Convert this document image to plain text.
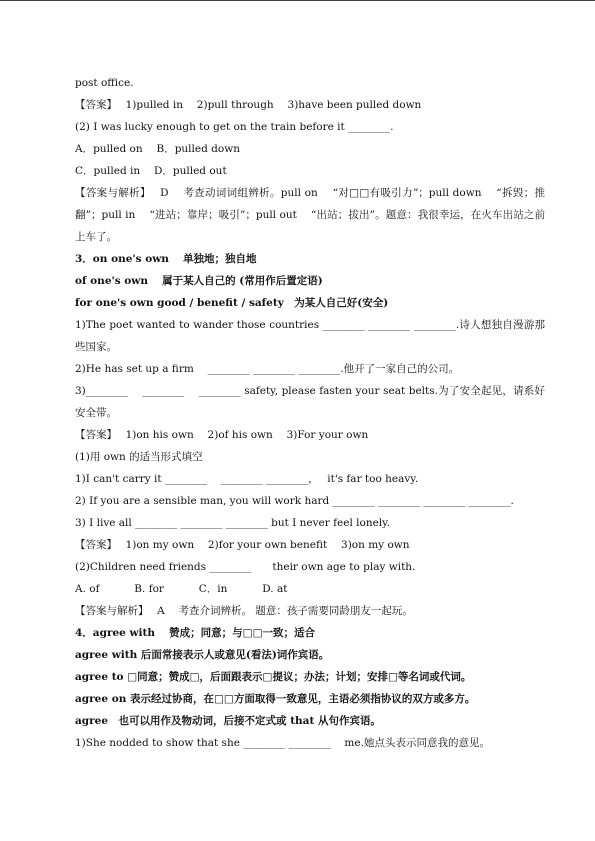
post office.
【答案】　 1)pulled in　 2)pull through　 3)have been pulled down
(2) I was lucky enough to get on the train before it ________.
A．pulled on　 B．pulled down
C．pulled in　 D．pulled out
【答案与解析】　 D　 考查动词词组辨析。pull on　 “对□□有吸引力”；pull down　 “拆毁；推翻”；pull in　 “进站；靠岸；吸引”；pull out　 “出站；拔出”。题意：我很幸运，在火车出站之前上车了。
3．on one's own　 单独地；独自地
of one's own　 属于某人自己的 (常用作后置定语)
for one's own good / benefit / safety　为某人自己好(安全)
1)The poet wanted to wander those countries ________ ________ ________.诗人想独自漫游那些国家。
2)He has set up a firm　 ________ ________ ________.他开了一家自己的公司。
3)________　 ________　 ________ safety, please fasten your seat belts.为了安全起见，请系好安全带。
【答案】　 1)on his own　 2)of his own　 3)For your own
(1)用 own 的适当形式填空
1)I can't carry it ________　 ________ ________，　 it's far too heavy.
2) If you are a sensible man, you will work hard ________ ________ ________ ________.
3) I live all ________ ________ ________ but I never feel lonely.
【答案】　 1)on my own　 2)for your own benefit　 3)on my own
(2)Children need friends ________　　their own age to play with.
A. of　　　 B. for　　　 C．in　　　 D. at
【答案与解析】　 A　 考查介词辨析。 题意：孩子需要同龄朋友一起玩。
4．agree with　 赞成；同意；与□□一致；适合
agree with 后面常接表示人或意见(看法)词作宾语。
agree to □同意；赞成□，后面跟表示□提议；办法；计划；安排□等名词或代词。
agree on 表示经过协商，在□□方面取得一致意见，主语必须指协议的双方或多方。
agree　也可以用作及物动词，后接不定式或 that 从句作宾语。
1)She nodded to show that she ________ ________　 me.她点头表示同意我的意见。
